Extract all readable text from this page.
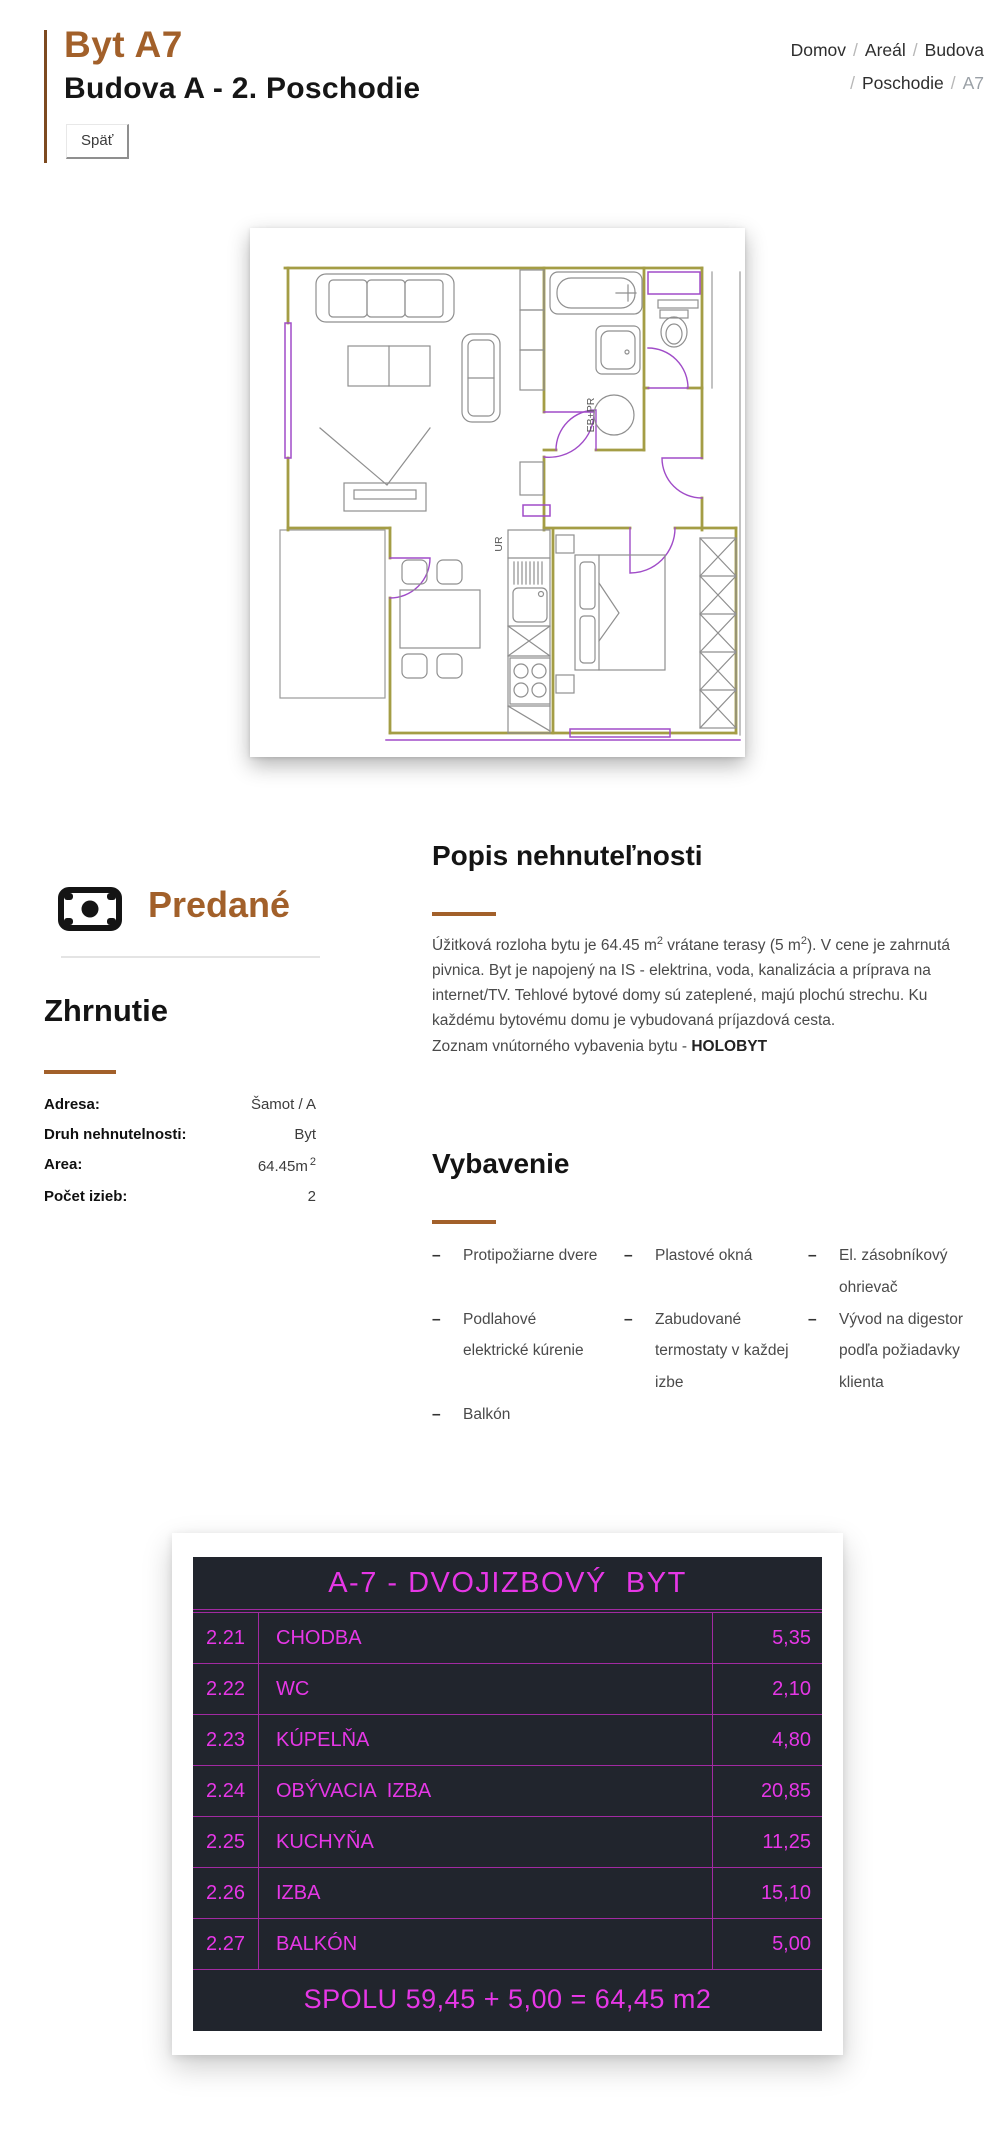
Byt A7
Budova A - 2. Poschodie
Späť
Domov / Areál / Budova
/ Poschodie / A7
EB+PR
UR
Predané
Zhrnutie
Adresa:	Šamot / A
Druh nehnutelnosti:	Byt
Area:	64.45m $^2$
Počet izieb:	2
Popis nehnuteľnosti
Úžitková rozloha bytu je 64.45 $m^2$ vrátane terasy (5 $m^2$). V cene je zahrnutá pivnica. Byt je napojený na IS - elektrina, voda, kanalizácia a príprava na internet/TV. Tehlové bytové domy sú zateplené, majú plochú strechu. Ku každému bytovému domu je vybudovaná príjazdová cesta.
Zoznam vnútorného vybavenia bytu - HOLOBYT
Vybavenie
–	Protipožiarne dvere –	Plastové okná	–	El. zásobníkový ohrievač
–	Podlahové elektrické kúrenie
–	Zabudované termostaty v každej izbe
–	Vývod na digestor podľa požiadavky klienta
–	Balkón
A-7 - DVOJIZBOVÝ  BYT
2.21	CHODBA	5,35
2.22	WC	2,10
2.23	KÚPELŇA	4,80
2.24	OBÝVACIA  IZBA	20,85
2.25	KUCHYŇA	11,25
2.26	IZBA	15,10
2.27	BALKÓN	5,00
SPOLU 59,45 + 5,00 = 64,45 m2
